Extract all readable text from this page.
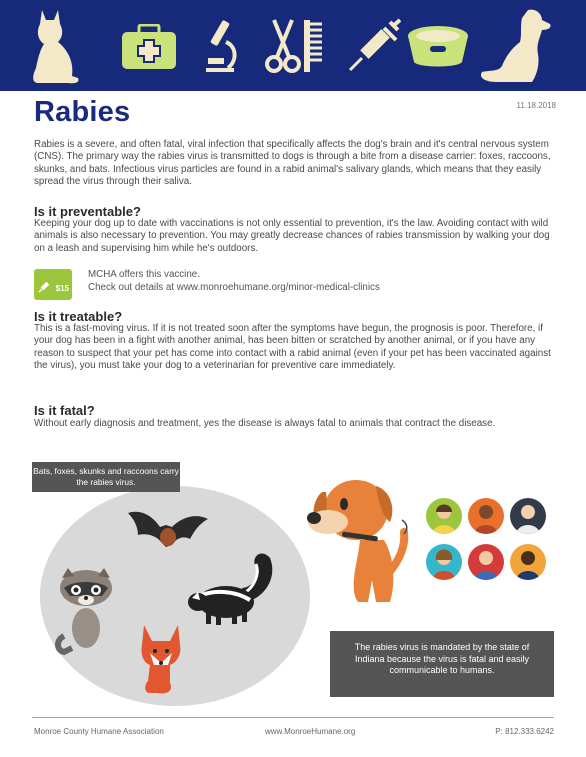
11.18.2018
Rabies
Rabies is a severe, and often fatal, viral infection that specifically affects the dog's brain and it's central nervous system (CNS). The primary way the rabies virus is transmitted to dogs is through a bite from a disease carrier: foxes, raccoons, skunks, and bats. Infectious virus particles are found in a rabid animal's salivary glands, which means that they easily spread the virus through their saliva.
Is it preventable?
Keeping your dog up to date with vaccinations is not only essential to prevention, it's the law. Avoiding contact with wild animals is also necessary to prevention. You may greatly decrease chances of rabies transmission by walking your dog on a leash and supervising him while he's outdoors.
$15
MCHA offers this vaccine.
Check out details at www.monroehumane.org/minor-medical-clinics
Is it treatable?
This is a fast-moving virus. If it is not treated soon after the symptoms have begun, the prognosis is poor. Therefore, if your dog has been in a fight with another animal, has been bitten or scratched by another animal, or if you have any reason to suspect that your pet has come into contact with a rabid animal (even if your pet has been vaccinated against the virus), you must take your dog to a veterinarian for preventive care immediately.
Is it fatal?
Without early diagnosis and treatment, yes the disease is always fatal to animals that contract the disease.
Bats, foxes, skunks and raccoons carry the rabies virus.
The rabies virus is mandated by the state of Indiana because the virus is fatal and easily communicable to humans.
Monroe County Humane Association	www.MonroeHumane.org	P: 812.333.6242
